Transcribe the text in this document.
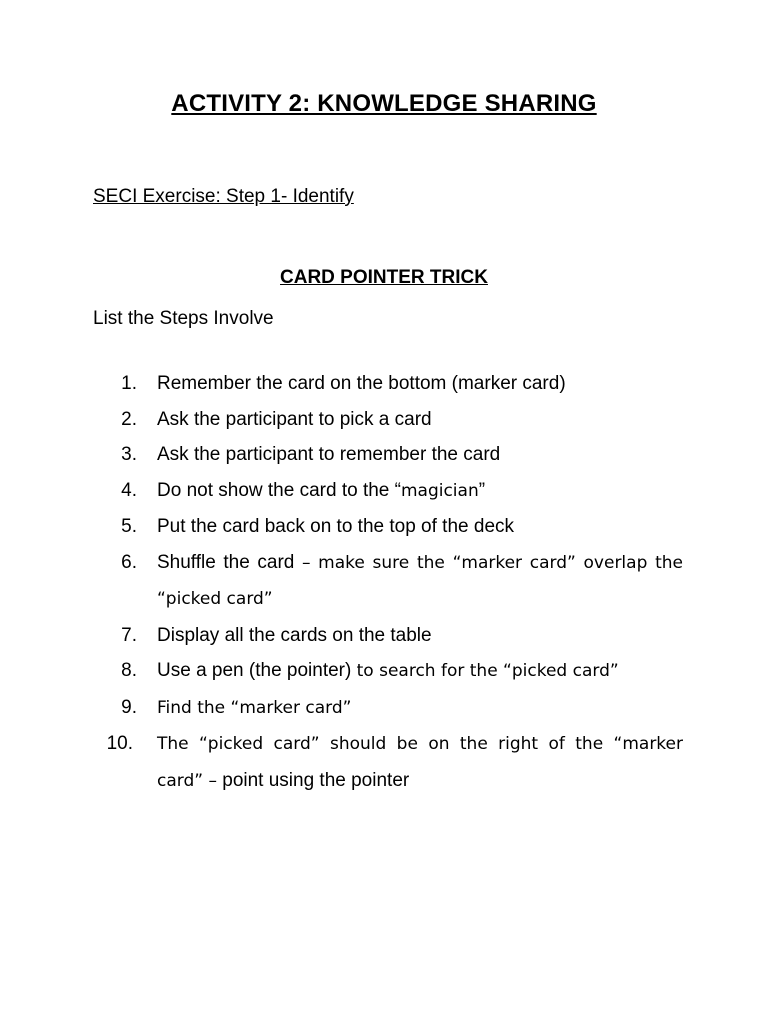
ACTIVITY 2: KNOWLEDGE SHARING

SECI Exercise: Step 1- Identify

CARD POINTER TRICK

List the Steps Involve

1.	Remember the card on the bottom (marker card)
2.	Ask the participant to pick a card
3.	Ask the participant to remember the card
4.	Do not show the card to the “magician”
5.	Put the card back on to the top of the deck
6.	Shuffle the card – make sure the “marker card” overlap the “picked card”
7.	Display all the cards on the table
8.	Use a pen (the pointer) to search for the “picked card”
9.	Find the “marker card”
10.	The “picked card” should be on the right of the “marker card” – point using the pointer
